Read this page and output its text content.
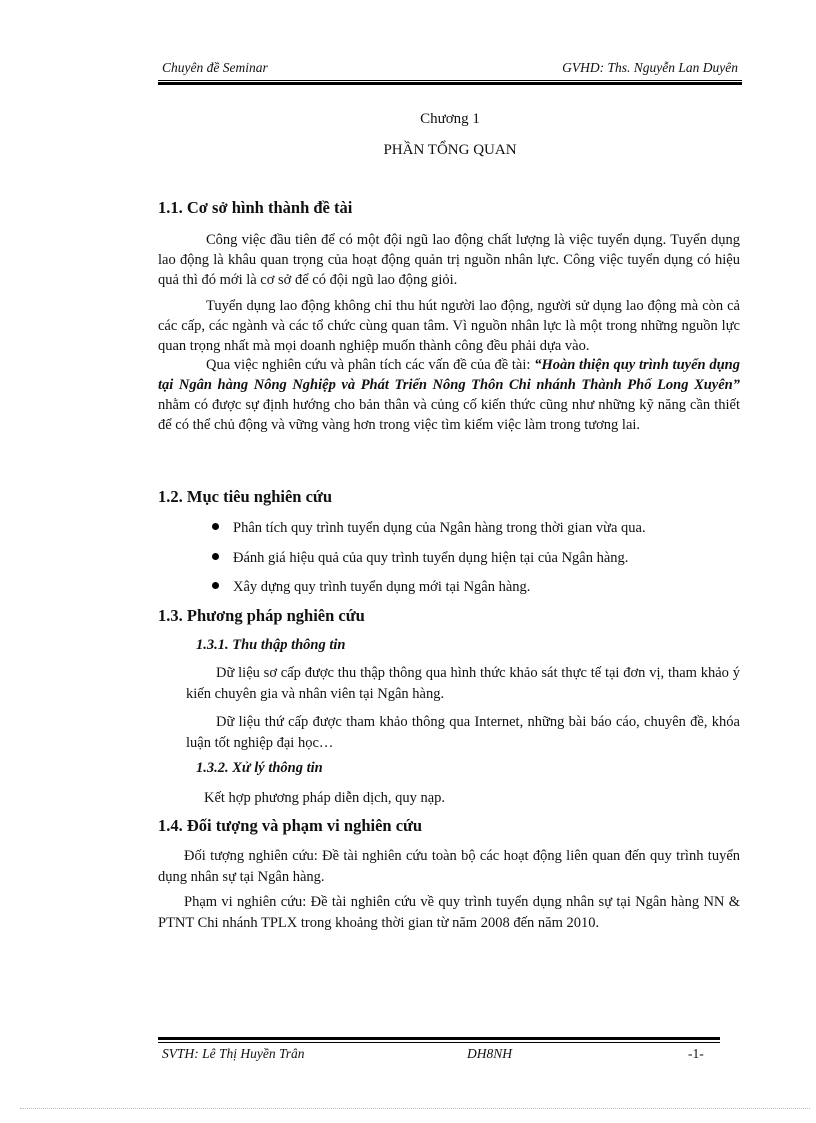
Chuyên đề Seminar	GVHD: Ths. Nguyễn Lan Duyên
Chương 1
PHẦN TỔNG QUAN
1.1. Cơ sở hình thành đề tài

Công việc đầu tiên để có một đội ngũ lao động chất lượng là việc tuyển dụng. Tuyển dụng lao động là khâu quan trọng của hoạt động quản trị nguồn nhân lực. Công việc tuyển dụng có hiệu quả thì đó mới là cơ sở để có đội ngũ lao động giỏi.

Tuyển dụng lao động không chỉ thu hút người lao động, người sử dụng lao động mà còn cả các cấp, các ngành và các tổ chức cùng quan tâm. Vì nguồn nhân lực là một trong những nguồn lực quan trọng nhất mà mọi doanh nghiệp muốn thành công đều phải dựa vào.

Qua việc nghiên cứu và phân tích các vấn đề của đề tài: “Hoàn thiện quy trình tuyển dụng tại Ngân hàng Nông Nghiệp và Phát Triển Nông Thôn Chi nhánh Thành Phố Long Xuyên” nhằm có được sự định hướng cho bản thân và củng cố kiến thức cũng như những kỹ năng cần thiết để có thể chủ động và vững vàng hơn trong việc tìm kiếm việc làm trong tương lai.

1.2. Mục tiêu nghiên cứu
Phân tích quy trình tuyển dụng của Ngân hàng trong thời gian vừa qua.
Đánh giá hiệu quả của quy trình tuyển dụng hiện tại của Ngân hàng.
Xây dựng quy trình tuyển dụng mới tại Ngân hàng.
1.3. Phương pháp nghiên cứu
1.3.1. Thu thập thông tin

Dữ liệu sơ cấp được thu thập thông qua hình thức khảo sát thực tế tại đơn vị, tham khảo ý kiến chuyên gia và nhân viên tại Ngân hàng.

Dữ liệu thứ cấp được tham khảo thông qua Internet, những bài báo cáo, chuyên đề, khóa luận tốt nghiệp đại học…

1.3.2. Xử lý thông tin
Kết hợp phương pháp diễn dịch, quy nạp.
1.4. Đối tượng và phạm vi nghiên cứu

Đối tượng nghiên cứu: Đề tài nghiên cứu toàn bộ các hoạt động liên quan đến quy trình tuyển dụng nhân sự tại Ngân hàng.

Phạm vi nghiên cứu: Đề tài nghiên cứu về quy trình tuyển dụng nhân sự tại Ngân hàng NN & PTNT Chi nhánh TPLX trong khoảng thời gian từ năm 2008 đến năm 2010.

SVTH: Lê Thị Huyền Trân	DH8NH	-1-
